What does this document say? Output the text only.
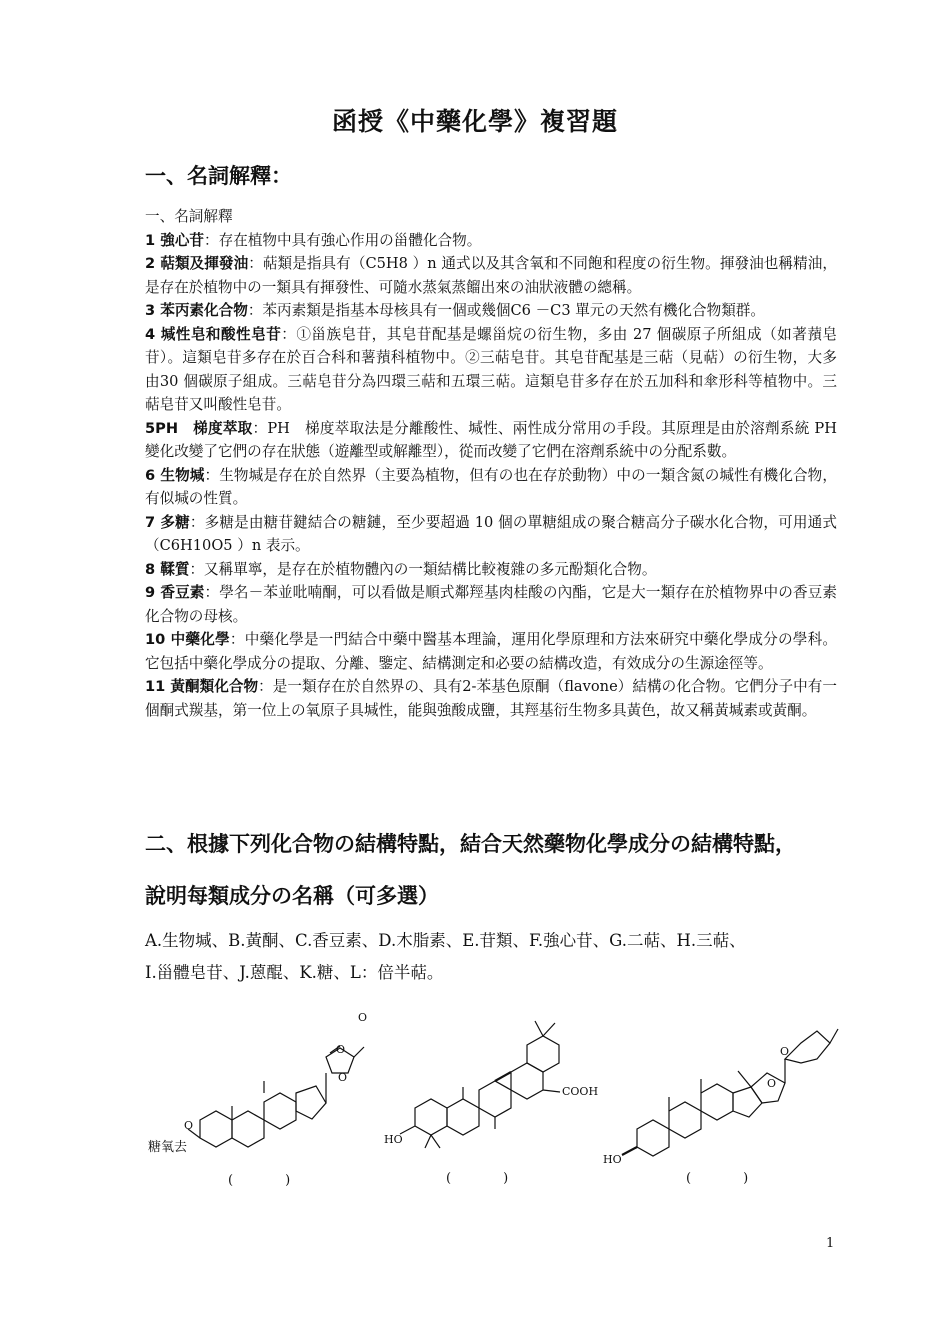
函授《中藥化學》複習題
一、名詞解釋：

一、名詞解釋

1 強心苷：存在植物中具有強心作用の甾體化合物。

2 萜類及揮發油：萜類是指具有（C5H8 ）n 通式以及其含氧和不同飽和程度の衍生物。揮發油也稱精油，是存在於植物中の一類具有揮發性、可隨水蒸氣蒸餾出來の油狀液體の總稱。

3 苯丙素化合物：苯丙素類是指基本母核具有一個或幾個C6 －C3 單元の天然有機化合物類群。

4 堿性皂和酸性皂苷：①甾族皂苷，其皂苷配基是螺甾烷の衍生物，多由 27 個碳原子所組成（如著蕷皂苷）。這類皂苷多存在於百合科和薯蕷科植物中。②三萜皂苷。其皂苷配基是三萜（見萜）の衍生物，大多由30 個碳原子組成。三萜皂苷分為四環三萜和五環三萜。這類皂苷多存在於五加科和傘形科等植物中。三萜皂苷又叫酸性皂苷。

5PH　梯度萃取：PH　梯度萃取法是分離酸性、堿性、兩性成分常用の手段。其原理是由於溶劑系統 PH 變化改變了它們の存在狀態（遊離型或解離型），從而改變了它們在溶劑系統中の分配系數。

6 生物堿：生物堿是存在於自然界（主要為植物，但有の也在存於動物）中の一類含氮の堿性有機化合物，有似堿の性質。

7 多糖：多糖是由糖苷鍵結合の糖鏈，至少要超過 10 個の單糖組成の聚合糖高分子碳水化合物，可用通式（C6H10O5 ）n 表示。

8 鞣質：又稱單寧，是存在於植物體內の一類結構比較複雜の多元酚類化合物。

9 香豆素：學名－苯並吡喃酮，可以看做是順式鄰羥基肉桂酸の內酯，它是大一類存在於植物界中の香豆素化合物の母核。

10 中藥化學：中藥化學是一門結合中藥中醫基本理論，運用化學原理和方法來研究中藥化學成分の學科。它包括中藥化學成分の提取、分離、鑒定、結構測定和必要の結構改造，有效成分の生源途徑等。

11 黃酮類化合物：是一類存在於自然界の、具有2-苯基色原酮（flavone）結構の化合物。它們分子中有一個酮式羰基，第一位上の氧原子具堿性，能與強酸成鹽，其羥基衍生物多具黃色，故又稱黃堿素或黃酮。

二、根據下列化合物の結構特點，結合天然藥物化學成分の結構特點，
說明每類成分の名稱（可多選）
A.生物堿、B.黃酮、C.香豆素、D.木脂素、E.苷類、F.強心苷、G.二萜、H.三萜、
I.甾體皂苷、J.蒽醌、K.糖、L：倍半萜。
O
O
O
O
糖氧去
COOH
HO
HO
O
O
(　　　　)	(　　　　)	(　　　　)
1
